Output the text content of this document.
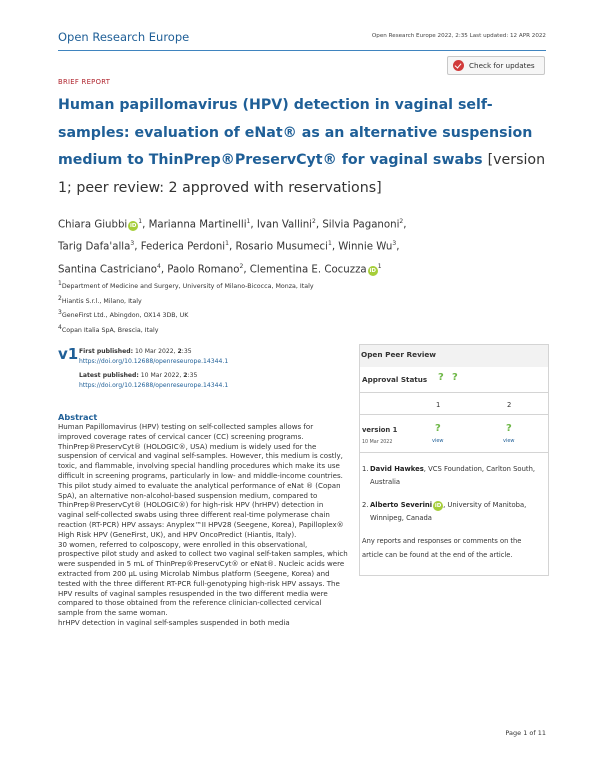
Open Research Europe	Open Research Europe 2022, 2:35 Last updated: 12 APR 2022
BRIEF REPORT
Check for updates
Human papillomavirus (HPV) detection in vaginal self-samples: evaluation of eNat® as an alternative suspension medium to ThinPrep®PreservCyt® for vaginal swabs [version 1; peer review: 2 approved with reservations]
Chiara Giubbi $iD^1$, Marianna Martinelli$^1$, Ivan Vallini$^2$, Silvia Paganoni$^2$,
Tarig Dafa'alla$^3$, Federica Perdoni$^1$, Rosario Musumeci$^1$, Winnie Wu$^3$,
Santina Castriciano$^4$, Paolo Romano$^2$, Clementina E. Cocuzza $iD^1$
$^1$Department of Medicine and Surgery, University of Milano-Bicocca, Monza, Italy
$^2$Hiantis S.r.l., Milano, Italy
$^3$GeneFirst Ltd., Abingdon, OX14 3DB, UK
$^4$Copan Italia SpA, Brescia, Italy
v1 First published: 10 Mar 2022, 2:35
https://doi.org/10.12688/openreseurope.14344.1
Latest published: 10 Mar 2022, 2:35
https://doi.org/10.12688/openreseurope.14344.1
Abstract

Human Papillomavirus (HPV) testing on self-collected samples allows for improved coverage rates of cervical cancer (CC) screening programs. ThinPrep®PreservCyt® (HOLOGIC®, USA) medium is widely used for the suspension of cervical and vaginal self-samples. However, this medium is costly, toxic, and flammable, involving special handling procedures which make its use difficult in screening programs, particularly in low- and middle-income countries.

This pilot study aimed to evaluate the analytical performance of eNat ® (Copan SpA), an alternative non-alcohol-based suspension medium, compared to ThinPrep®PreservCyt® (HOLOGIC®) for high-risk HPV (hrHPV) detection in vaginal self-collected swabs using three different real-time polymerase chain reaction (RT-PCR) HPV assays: Anyplex™II HPV28 (Seegene, Korea), Papilloplex® High Risk HPV (GeneFirst, UK), and HPV OncoPredict (Hiantis, Italy).

30 women, referred to colposcopy, were enrolled in this observational, prospective pilot study and asked to collect two vaginal self-taken samples, which were suspended in 5 mL of ThinPrep®PreservCyt® or eNat®. Nucleic acids were extracted from 200 µL using Microlab Nimbus platform (Seegene, Korea) and tested with the three different RT-PCR full-genotyping high-risk HPV assays. The HPV results of vaginal samples resuspended in the two different media were compared to those obtained from the reference clinician-collected cervical sample from the same woman.

hrHPV detection in vaginal self-samples suspended in both media

Open Peer Review
Approval Status ? ?
1	2
version 1
10 Mar 2022
?	?
view	view
1. David Hawkes, VCS Foundation, Carlton South, Australia
2. Alberto Severini iD , University of Manitoba, Winnipeg, Canada
Any reports and responses or comments on the article can be found at the end of the article.
Page 1 of 11
